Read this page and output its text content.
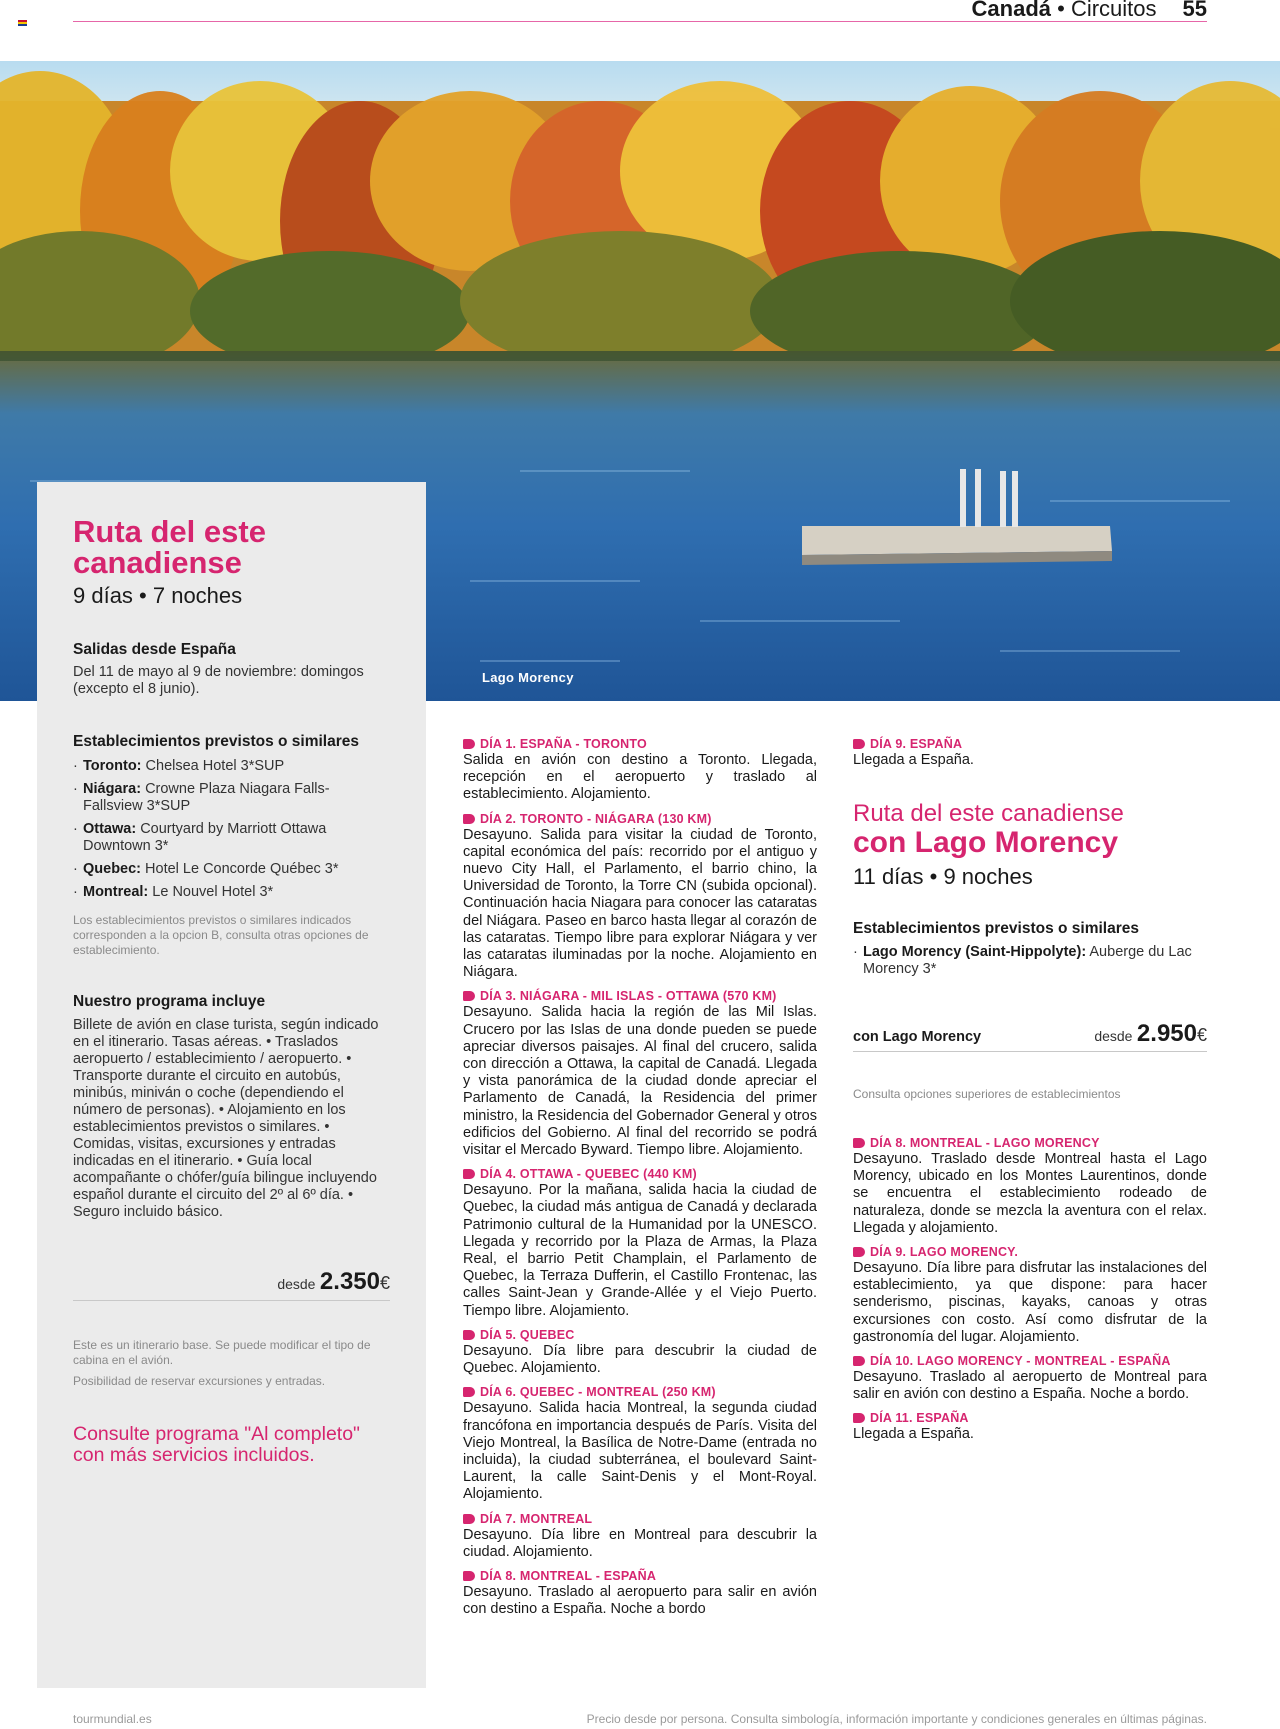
Canadá • Circuitos 55
Lago Morency
Ruta del este canadiense
9 días • 7 noches
Salidas desde España
Del 11 de mayo al 9 de noviembre: domingos (excepto el 8 junio).
Establecimientos previstos o similares
· Toronto: Chelsea Hotel 3*SUP
· Niágara: Crowne Plaza Niagara Falls-Fallsview 3*SUP
· Ottawa: Courtyard by Marriott Ottawa Downtown 3*
· Quebec: Hotel Le Concorde Québec 3*
· Montreal: Le Nouvel Hotel 3*
Los establecimientos previstos o similares indicados corresponden a la opcion B, consulta otras opciones de establecimiento.
Nuestro programa incluye
Billete de avión en clase turista, según indicado en el itinerario. Tasas aéreas. • Traslados aeropuerto / establecimiento / aeropuerto. • Transporte durante el circuito en autobús, minibús, miniván o coche (dependiendo el número de personas). • Alojamiento en los establecimientos previstos o similares. • Comidas, visitas, excursiones y entradas indicadas en el itinerario. • Guía local acompañante o chófer/guía bilingue incluyendo español durante el circuito del 2º al 6º día. • Seguro incluido básico.
desde 2.350€
Este es un itinerario base. Se puede modificar el tipo de cabina en el avión.
Posibilidad de reservar excursiones y entradas.
Consulte programa "Al completo" con más servicios incluidos.
DÍA 1. ESPAÑA - TORONTO
Salida en avión con destino a Toronto. Llegada, recepción en el aeropuerto y traslado al establecimiento. Alojamiento.
DÍA 2. TORONTO - NIÁGARA (130 KM)
Desayuno. Salida para visitar la ciudad de Toronto, capital económica del país: recorrido por el antiguo y nuevo City Hall, el Parlamento, el barrio chino, la Universidad de Toronto, la Torre CN (subida opcional). Continuación hacia Niagara para conocer las cataratas del Niágara. Paseo en barco hasta llegar al corazón de las cataratas. Tiempo libre para explorar Niágara y ver las cataratas iluminadas por la noche. Alojamiento en Niágara.
DÍA 3. NIÁGARA - MIL ISLAS - OTTAWA (570 KM)
Desayuno. Salida hacia la región de las Mil Islas. Crucero por las Islas de una donde pueden se puede apreciar diversos paisajes. Al final del crucero, salida con dirección a Ottawa, la capital de Canadá. Llegada y vista panorámica de la ciudad donde apreciar el Parlamento de Canadá, la Residencia del primer ministro, la Residencia del Gobernador General y otros edificios del Gobierno. Al final del recorrido se podrá visitar el Mercado Byward. Tiempo libre. Alojamiento.
DÍA 4. OTTAWA - QUEBEC (440 KM)
Desayuno. Por la mañana, salida hacia la ciudad de Quebec, la ciudad más antigua de Canadá y declarada Patrimonio cultural de la Humanidad por la UNESCO. Llegada y recorrido por la Plaza de Armas, la Plaza Real, el barrio Petit Champlain, el Parlamento de Quebec, la Terraza Dufferin, el Castillo Frontenac, las calles Saint-Jean y Grande-Allée y el Viejo Puerto. Tiempo libre. Alojamiento.
DÍA 5. QUEBEC
Desayuno. Día libre para descubrir la ciudad de Quebec. Alojamiento.
DÍA 6. QUEBEC - MONTREAL (250 KM)
Desayuno. Salida hacia Montreal, la segunda ciudad francófona en importancia después de París. Visita del Viejo Montreal, la Basílica de Notre-Dame (entrada no incluida), la ciudad subterránea, el boulevard Saint-Laurent, la calle Saint-Denis y el Mont-Royal. Alojamiento.
DÍA 7. MONTREAL
Desayuno. Día libre en Montreal para descubrir la ciudad. Alojamiento.
DÍA 8. MONTREAL - ESPAÑA
Desayuno. Traslado al aeropuerto para salir en avión con destino a España. Noche a bordo
DÍA 9. ESPAÑA
Llegada a España.
Ruta del este canadiense
con Lago Morency
11 días • 9 noches
Establecimientos previstos o similares
· Lago Morency (Saint-Hippolyte): Auberge du Lac Morency 3*
con Lago Morency	desde 2.950€
Consulta opciones superiores de establecimientos
DÍA 8. MONTREAL - LAGO MORENCY
Desayuno. Traslado desde Montreal hasta el Lago Morency, ubicado en los Montes Laurentinos, donde se encuentra el establecimiento rodeado de naturaleza, donde se mezcla la aventura con el relax. Llegada y alojamiento.
DÍA 9. LAGO MORENCY.
Desayuno. Día libre para disfrutar las instalaciones del establecimiento, ya que dispone: para hacer senderismo, piscinas, kayaks, canoas y otras excursiones con costo. Así como disfrutar de la gastronomía del lugar. Alojamiento.
DÍA 10. LAGO MORENCY - MONTREAL - ESPAÑA
Desayuno. Traslado al aeropuerto de Montreal para salir en avión con destino a España. Noche a bordo.
DÍA 11. ESPAÑA
Llegada a España.
tourmundial.es	Precio desde por persona. Consulta simbología, información importante y condiciones generales en últimas páginas.
